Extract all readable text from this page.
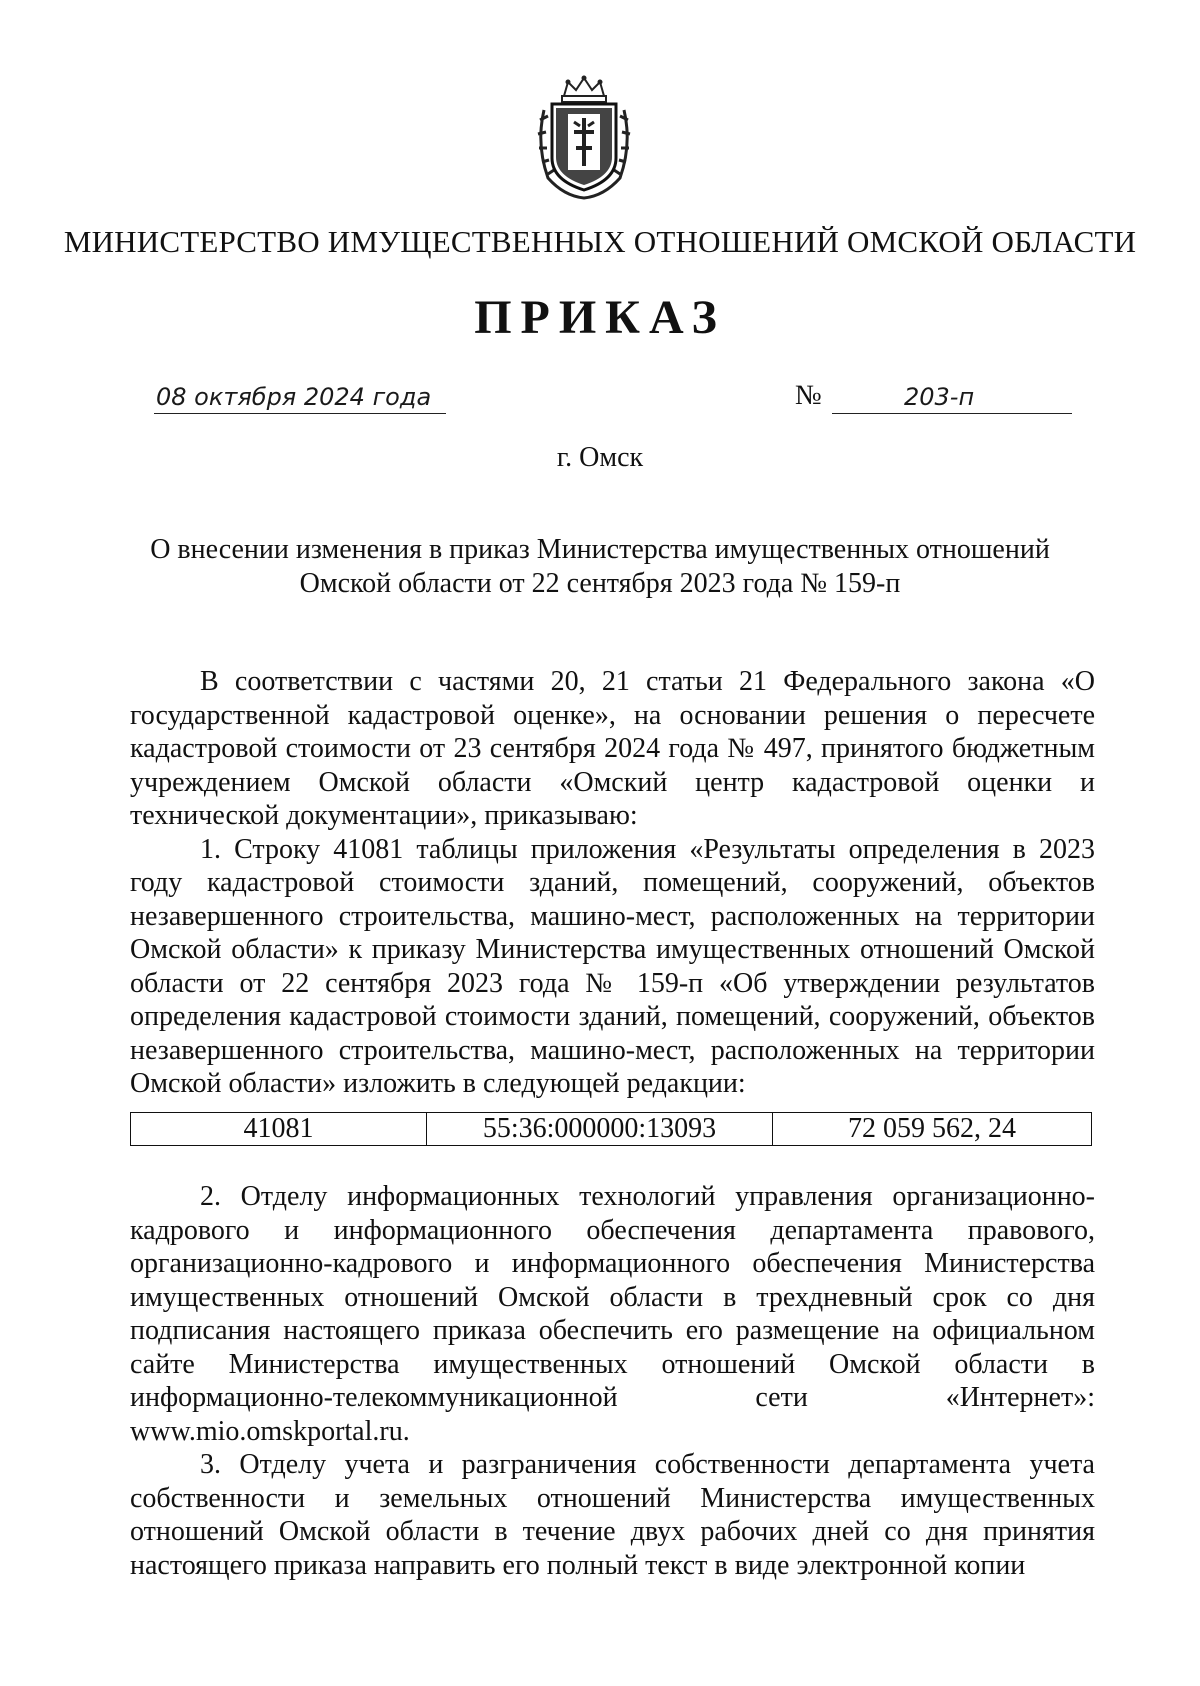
МИНИСТЕРСТВО ИМУЩЕСТВЕННЫХ ОТНОШЕНИЙ ОМСКОЙ ОБЛАСТИ
ПРИКАЗ
08 октября 2024 года	№	203-п
г. Омск
О внесении изменения в приказ Министерства имущественных отношений
Омской области от 22 сентября 2023 года № 159-п

В соответствии с частями 20, 21 статьи 21 Федерального закона «О государственной кадастровой оценке», на основании решения о пересчете кадастровой стоимости от 23 сентября 2024 года № 497, принятого бюджетным учреждением Омской области «Омский центр кадастровой оценки и технической документации», приказываю:

1. Строку 41081 таблицы приложения «Результаты определения в 2023 году кадастровой стоимости зданий, помещений, сооружений, объектов незавершенного строительства, машино-мест, расположенных на территории Омской области» к приказу Министерства имущественных отношений Омской области от 22 сентября 2023 года № 159-п «Об утверждении результатов определения кадастровой стоимости зданий, помещений, сооружений, объектов незавершенного строительства, машино-мест, расположенных на территории Омской области» изложить в следующей редакции:

41081	55:36:000000:13093	72 059 562, 24

2. Отделу информационных технологий управления организационно-кадрового и информационного обеспечения департамента правового, организационно-кадрового и информационного обеспечения Министерства имущественных отношений Омской области в трехдневный срок со дня подписания настоящего приказа обеспечить его размещение на официальном сайте Министерства имущественных отношений Омской области в информационно-телекоммуникационной сети «Интернет»: www.mio.omskportal.ru.

3. Отделу учета и разграничения собственности департамента учета собственности и земельных отношений Министерства имущественных отношений Омской области в течение двух рабочих дней со дня принятия настоящего приказа направить его полный текст в виде электронной копии
